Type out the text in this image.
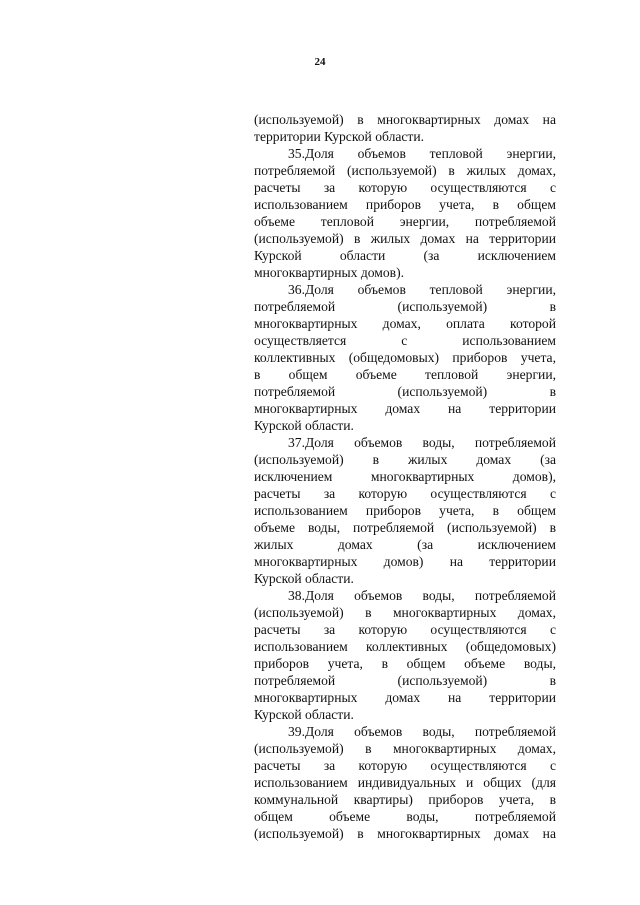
24
(используемой) в многоквартирных домах на
территории Курской области.
35.Доля объемов тепловой энергии,
потребляемой (используемой) в жилых домах,
расчеты за которую осуществляются с
использованием приборов учета, в общем
объеме тепловой энергии, потребляемой
(используемой) в жилых домах на территории
Курской области (за исключением
многоквартирных домов).
36.Доля объемов тепловой энергии,
потребляемой (используемой) в
многоквартирных домах, оплата которой
осуществляется с использованием
коллективных (общедомовых) приборов учета,
в общем объеме тепловой энергии,
потребляемой (используемой) в
многоквартирных домах на территории
Курской области.
37.Доля объемов воды, потребляемой
(используемой) в жилых домах (за
исключением многоквартирных домов),
расчеты за которую осуществляются с
использованием приборов учета, в общем
объеме воды, потребляемой (используемой) в
жилых домах (за исключением
многоквартирных домов) на территории
Курской области.
38.Доля объемов воды, потребляемой
(используемой) в многоквартирных домах,
расчеты за которую осуществляются с
использованием коллективных (общедомовых)
приборов учета, в общем объеме воды,
потребляемой (используемой) в
многоквартирных домах на территории
Курской области.
39.Доля объемов воды, потребляемой
(используемой) в многоквартирных домах,
расчеты за которую осуществляются с
использованием индивидуальных и общих (для
коммунальной квартиры) приборов учета, в
общем объеме воды, потребляемой
(используемой) в многоквартирных домах на
